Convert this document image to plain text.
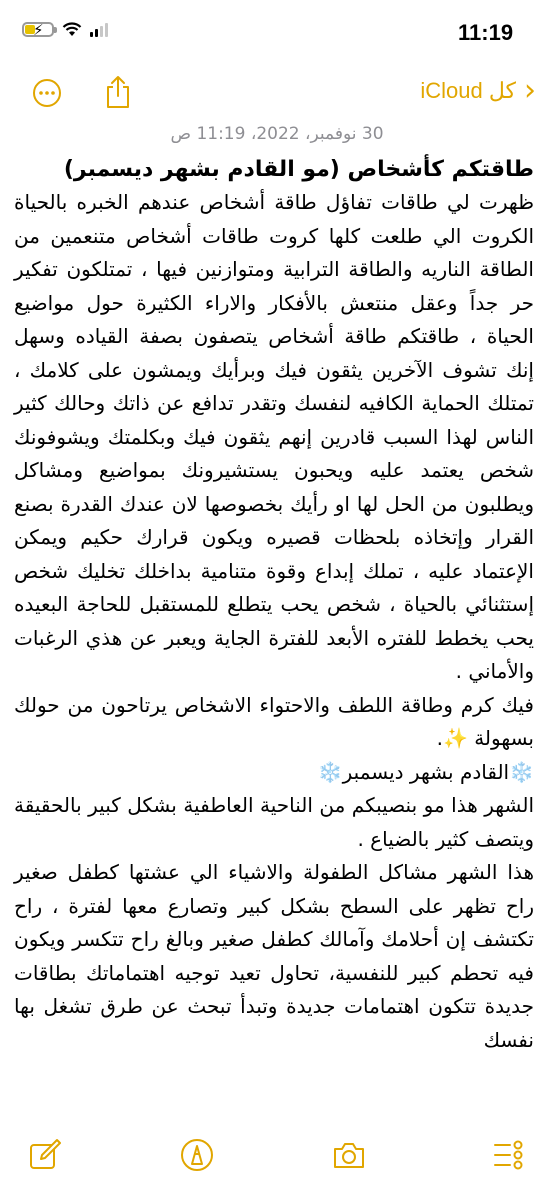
⚡	11:19
كل iCloud ›
30 نوفمبر، 2022، 11:19 ص
طاقتكم كأشخاص (مو القادم بشهر ديسمبر)

ظهرت لي طاقات تفاؤل طاقة أشخاص عندهم الخبره بالحياة الكروت الي طلعت كلها كروت طاقات أشخاص متنعمين من الطاقة الناريه والطاقة الترابية ومتوازنين فيها ، تمتلكون تفكير حر جداً وعقل منتعش بالأفكار والاراء الكثيرة حول مواضيع الحياة ، طاقتكم طاقة أشخاص يتصفون بصفة القياده وسهل إنك تشوف الآخرين يثقون فيك وبرأيك ويمشون على كلامك ، تمتلك الحماية الكافيه لنفسك وتقدر تدافع عن ذاتك وحالك كثير الناس لهذا السبب قادرين إنهم يثقون فيك وبكلمتك ويشوفونك شخص يعتمد عليه ويحبون يستشيرونك بمواضيع ومشاكل ويطلبون من الحل لها او رأيك بخصوصها لان عندك القدرة بصنع القرار وإتخاذه بلحظات قصيره ويكون قرارك حكيم ويمكن الإعتماد عليه ، تملك إبداع وقوة متنامية بداخلك تخليك شخص إستثنائي بالحياة ، شخص يحب يتطلع للمستقبل للحاجة البعيده يحب يخطط للفتره الأبعد للفترة الجاية ويعبر عن هذي الرغبات والأماني .

فيك كرم وطاقة اللطف والاحتواء الاشخاص يرتاحون من حولك بسهولة ✨.

❄️القادم بشهر ديسمبر❄️

الشهر هذا مو بنصيبكم من الناحية العاطفية بشكل كبير بالحقيقة ويتصف كثير بالضياع .

هذا الشهر مشاكل الطفولة والاشياء الي عشتها كطفل صغير راح تظهر على السطح بشكل كبير وتصارع معها لفترة ، راح تكتشف إن أحلامك وآمالك كطفل صغير وبالغ راح تتكسر ويكون فيه تحطم كبير للنفسية، تحاول تعيد توجيه اهتماماتك بطاقات جديدة تتكون اهتمامات جديدة وتبدأ تبحث عن طرق تشغل بها نفسك
